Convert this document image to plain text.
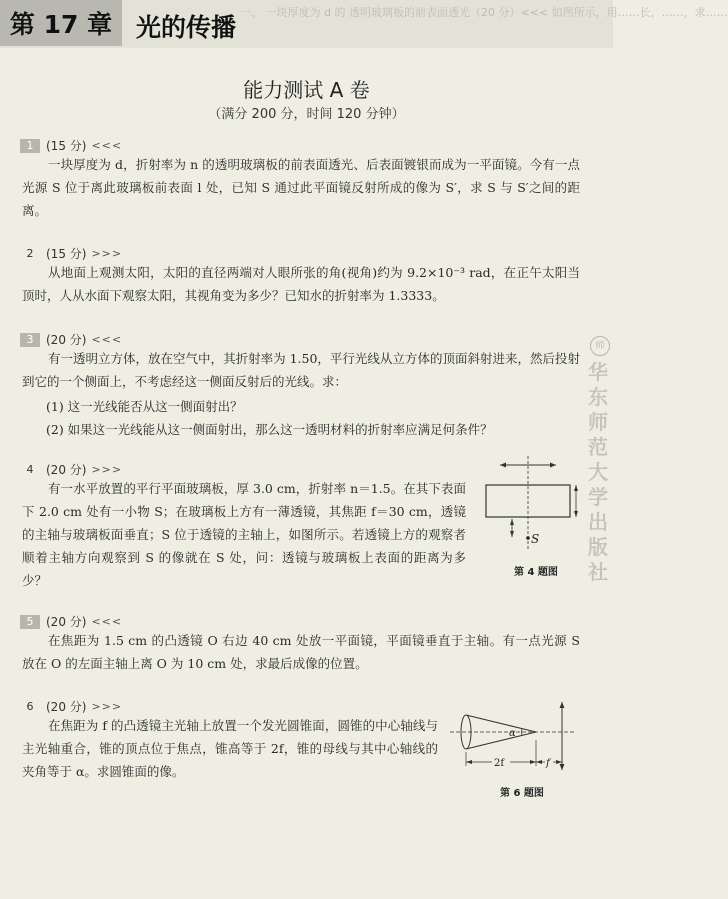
第 17 章 光的传播
一、 一块厚度为 d 的 透明玻璃板的前表面透光 （20 分）<<< 如图所示，用……长，……，求……
能力测试 A 卷
（满分 200 分，时间 120 分钟）
1	(15 分) <<<

一块厚度为 d，折射率为 n 的透明玻璃板的前表面透光、后表面镀银而成为一平面镜。今有一点光源 S 位于离此玻璃板前表面 l 处，已知 S 通过此平面镜反射所成的像为 S′，求 S 与 S′之间的距离。

2	(15 分) >>>

从地面上观测太阳，太阳的直径两端对人眼所张的角(视角)约为 9.2×10⁻³ rad，在正午太阳当顶时，人从水面下观察太阳，其视角变为多少？已知水的折射率为 1.3333。

3	(20 分) <<<

有一透明立方体，放在空气中，其折射率为 1.50，平行光线从立方体的顶面斜射进来，然后投射到它的一个侧面上，不考虑经这一侧面反射后的光线。求：

(1) 这一光线能否从这一侧面射出？
(2) 如果这一光线能从这一侧面射出，那么这一透明材料的折射率应满足何条件？
4	(20 分) >>>

有一水平放置的平行平面玻璃板，厚 3.0 cm，折射率 n＝1.5。在其下表面下 2.0 cm 处有一小物 S；在玻璃板上方有一薄透镜，其焦距 f＝30 cm，透镜的主轴与玻璃板面垂直；S 位于透镜的主轴上，如图所示。若透镜上方的观察者顺着主轴方向观察到 S 的像就在 S 处，问：透镜与玻璃板上表面的距离为多少？

S
第 4 题图
5	(20 分) <<<

在焦距为 1.5 cm 的凸透镜 O 右边 40 cm 处放一平面镜，平面镜垂直于主轴。有一点光源 S 放在 O 的左面主轴上离 O 为 10 cm 处，求最后成像的位置。

6	(20 分) >>>

在焦距为 f 的凸透镜主光轴上放置一个发光圆锥面，圆锥的中心轴线与主光轴重合，锥的顶点位于焦点，锥高等于 2f，锥的母线与其中心轴线的夹角等于 α。求圆锥面的像。

α
2f	f
第 6 题图
师
华东师范大学出版社
